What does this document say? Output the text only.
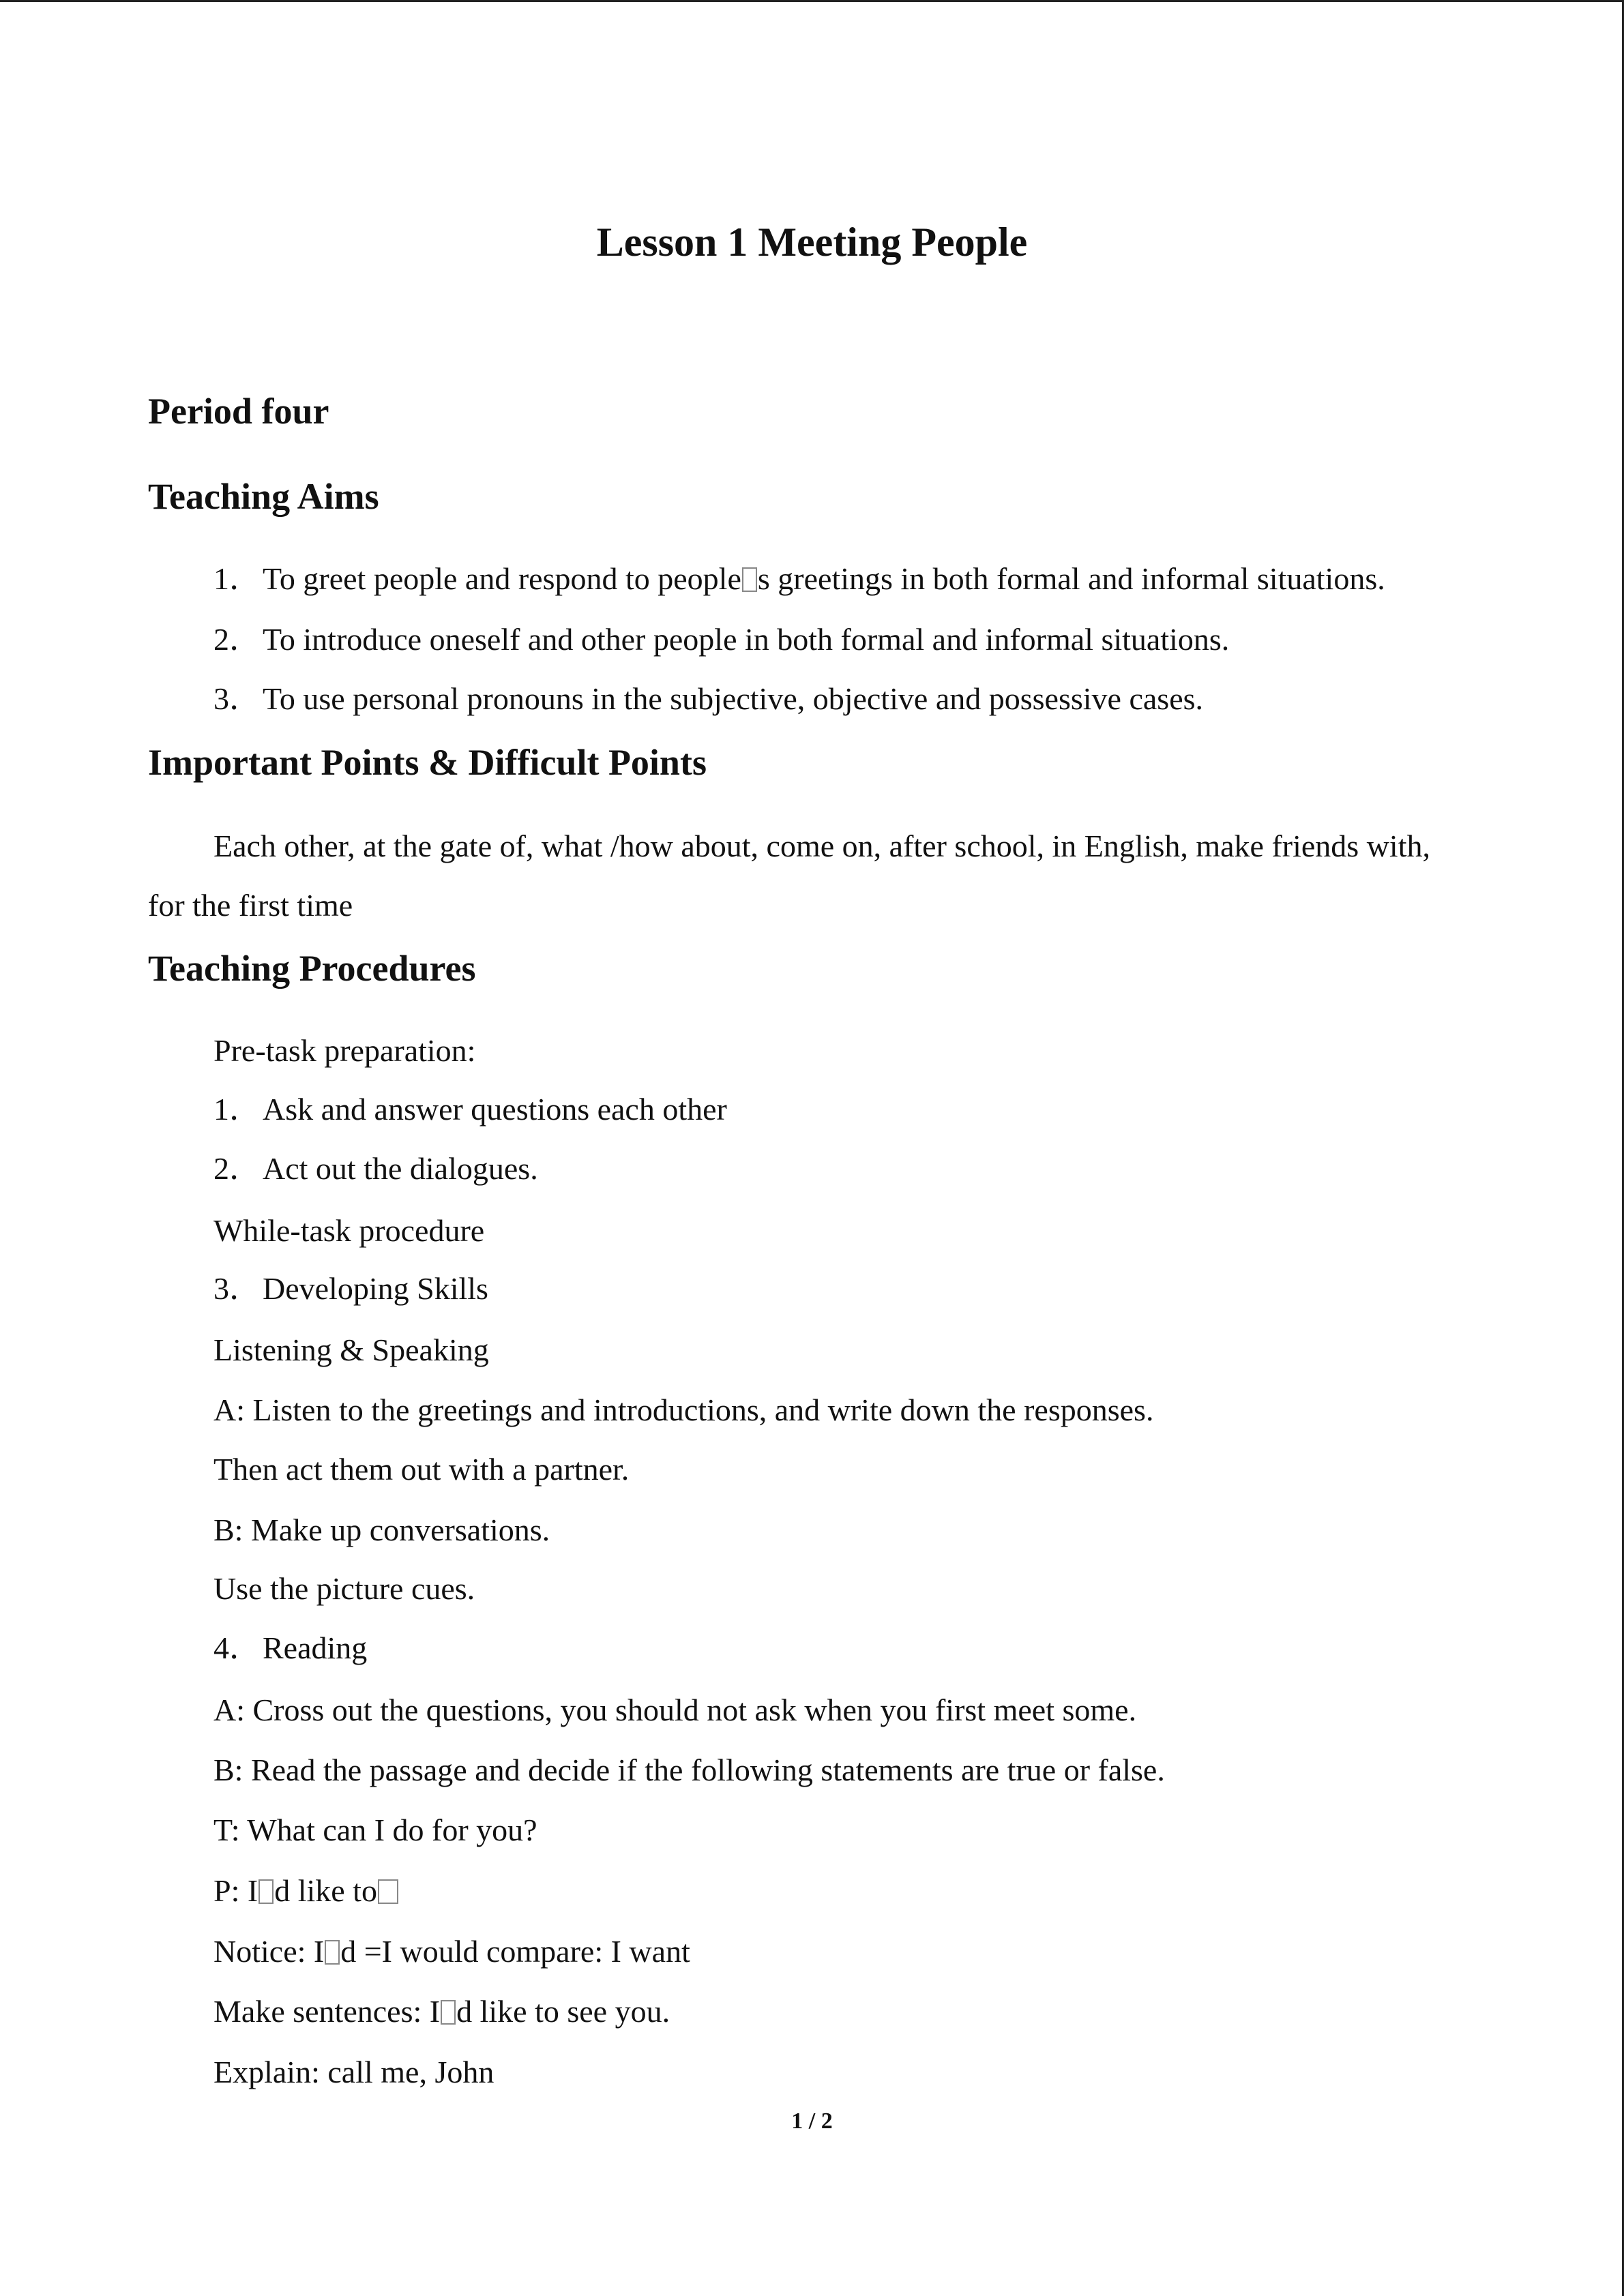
Lesson 1 Meeting People
Period four
Teaching Aims

1．To greet people and respond to people s greetings in both formal and informal situations.

2．To introduce oneself and other people in both formal and informal situations.

3．To use personal pronouns in the subjective, objective and possessive cases.

Important Points & Difficult Points

Each other, at the gate of, what /how about, come on, after school, in English, make friends with,

for the first time

Teaching Procedures

Pre-task preparation:

1．Ask and answer questions each other

2．Act out the dialogues.

While-task procedure

3．Developing Skills

Listening & Speaking

A: Listen to the greetings and introductions, and write down the responses.

Then act them out with a partner.

B: Make up conversations.

Use the picture cues.

4．Reading

A: Cross out the questions, you should not ask when you first meet some.

B: Read the passage and decide if the following statements are true or false.

T: What can I do for you?

P: I d like to

Notice: I d =I would compare: I want

Make sentences: I d like to see you.

Explain: call me, John

1 / 2
